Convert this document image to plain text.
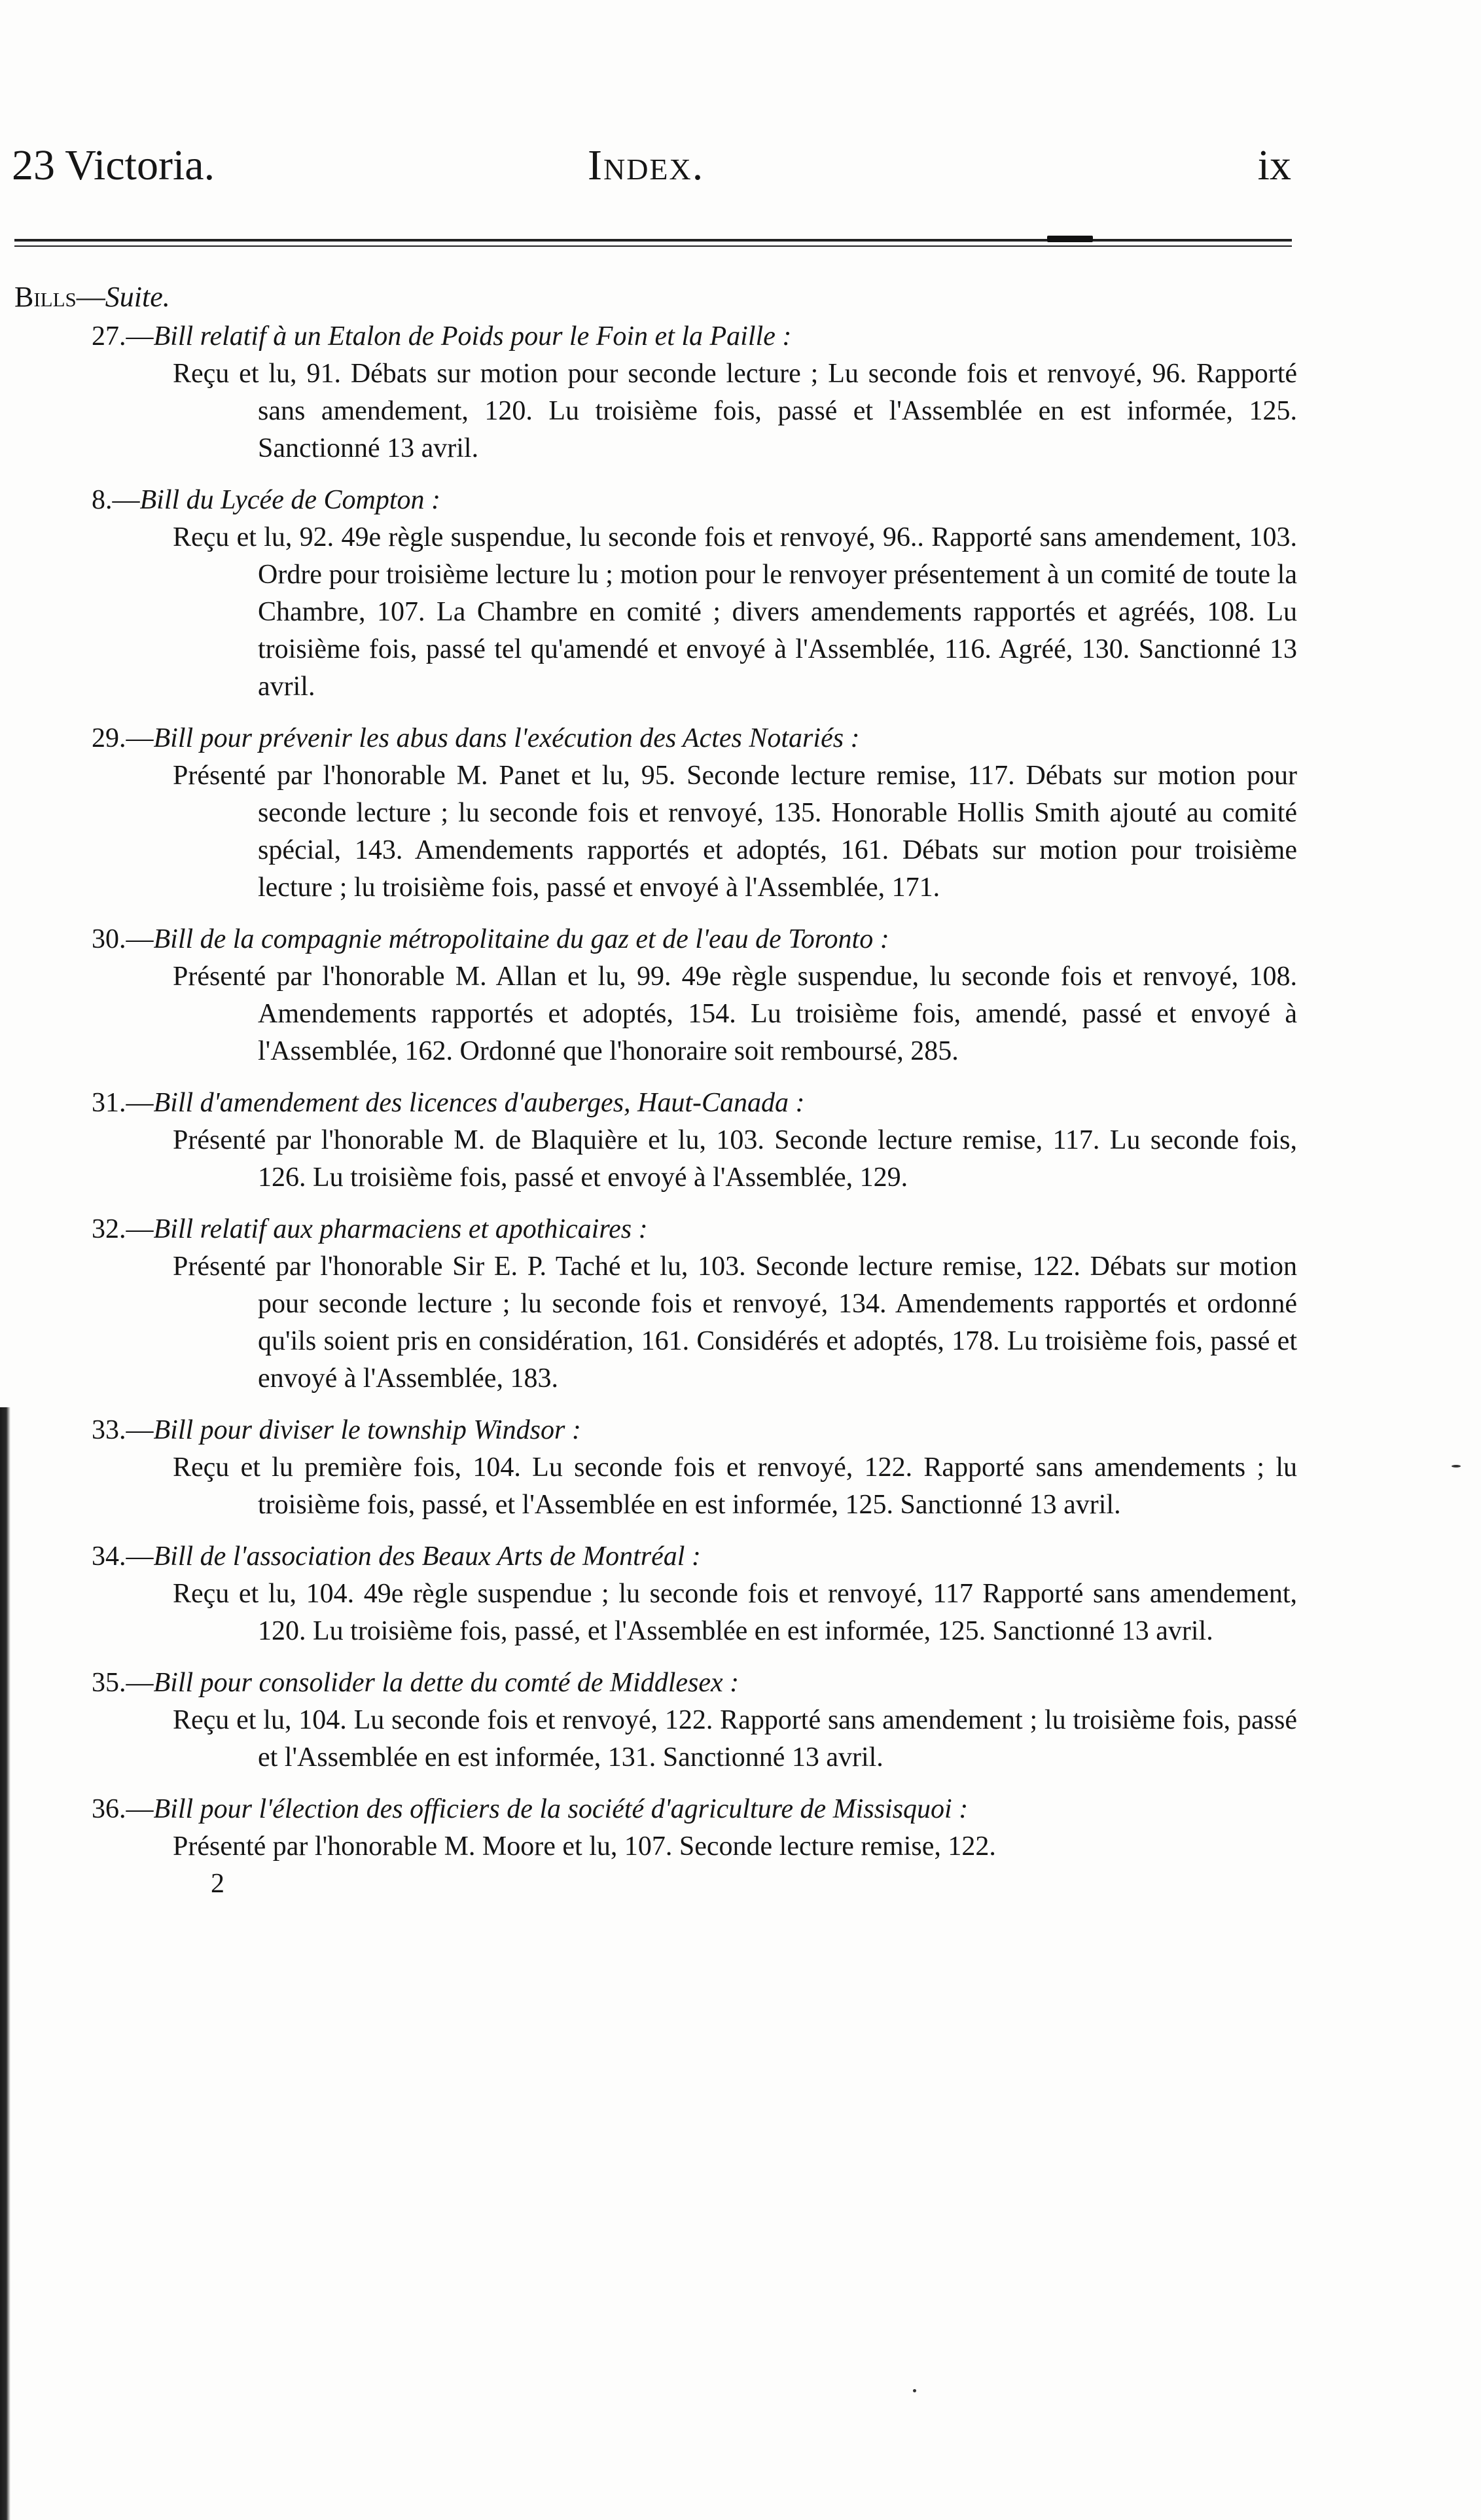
23 Victoria.	Index.	ix
Bills—Suite.
27.—Bill relatif à un Etalon de Poids pour le Foin et la Paille :
Reçu et lu, 91. Débats sur motion pour seconde lecture ; Lu seconde fois et renvoyé, 96. Rapporté sans amendement, 120. Lu troisième fois, passé et l'Assemblée en est informée, 125. Sanctionné 13 avril.
8.—Bill du Lycée de Compton :
Reçu et lu, 92. 49e règle suspendue, lu seconde fois et renvoyé, 96.. Rapporté sans amendement, 103. Ordre pour troisième lecture lu ; motion pour le renvoyer présentement à un comité de toute la Chambre, 107. La Chambre en comité ; divers amendements rapportés et agréés, 108. Lu troisième fois, passé tel qu'amendé et envoyé à l'Assemblée, 116. Agréé, 130. Sanctionné 13 avril.
29.—Bill pour prévenir les abus dans l'exécution des Actes Notariés :
Présenté par l'honorable M. Panet et lu, 95. Seconde lecture remise, 117. Débats sur motion pour seconde lecture ; lu seconde fois et renvoyé, 135. Honorable Hollis Smith ajouté au comité spécial, 143. Amendements rapportés et adoptés, 161. Débats sur motion pour troisième lecture ; lu troisième fois, passé et envoyé à l'Assemblée, 171.
30.—Bill de la compagnie métropolitaine du gaz et de l'eau de Toronto :
Présenté par l'honorable M. Allan et lu, 99. 49e règle suspendue, lu seconde fois et renvoyé, 108. Amendements rapportés et adoptés, 154. Lu troisième fois, amendé, passé et envoyé à l'Assemblée, 162. Ordonné que l'honoraire soit remboursé, 285.
31.—Bill d'amendement des licences d'auberges, Haut-Canada :
Présenté par l'honorable M. de Blaquière et lu, 103. Seconde lecture remise, 117. Lu seconde fois, 126. Lu troisième fois, passé et envoyé à l'Assemblée, 129.
32.—Bill relatif aux pharmaciens et apothicaires :
Présenté par l'honorable Sir E. P. Taché et lu, 103. Seconde lecture remise, 122. Débats sur motion pour seconde lecture ; lu seconde fois et renvoyé, 134. Amendements rapportés et ordonné qu'ils soient pris en considération, 161. Considérés et adoptés, 178. Lu troisième fois, passé et envoyé à l'Assemblée, 183.
33.—Bill pour diviser le township Windsor :
Reçu et lu première fois, 104. Lu seconde fois et renvoyé, 122. Rapporté sans amendements ; lu troisième fois, passé, et l'Assemblée en est informée, 125. Sanctionné 13 avril.
34.—Bill de l'association des Beaux Arts de Montréal :
Reçu et lu, 104. 49e règle suspendue ; lu seconde fois et renvoyé, 117 Rapporté sans amendement, 120. Lu troisième fois, passé, et l'Assemblée en est informée, 125. Sanctionné 13 avril.
35.—Bill pour consolider la dette du comté de Middlesex :
Reçu et lu, 104. Lu seconde fois et renvoyé, 122. Rapporté sans amendement ; lu troisième fois, passé et l'Assemblée en est informée, 131. Sanctionné 13 avril.
36.—Bill pour l'élection des officiers de la société d'agriculture de Missisquoi :
Présenté par l'honorable M. Moore et lu, 107. Seconde lecture remise, 122.
2
